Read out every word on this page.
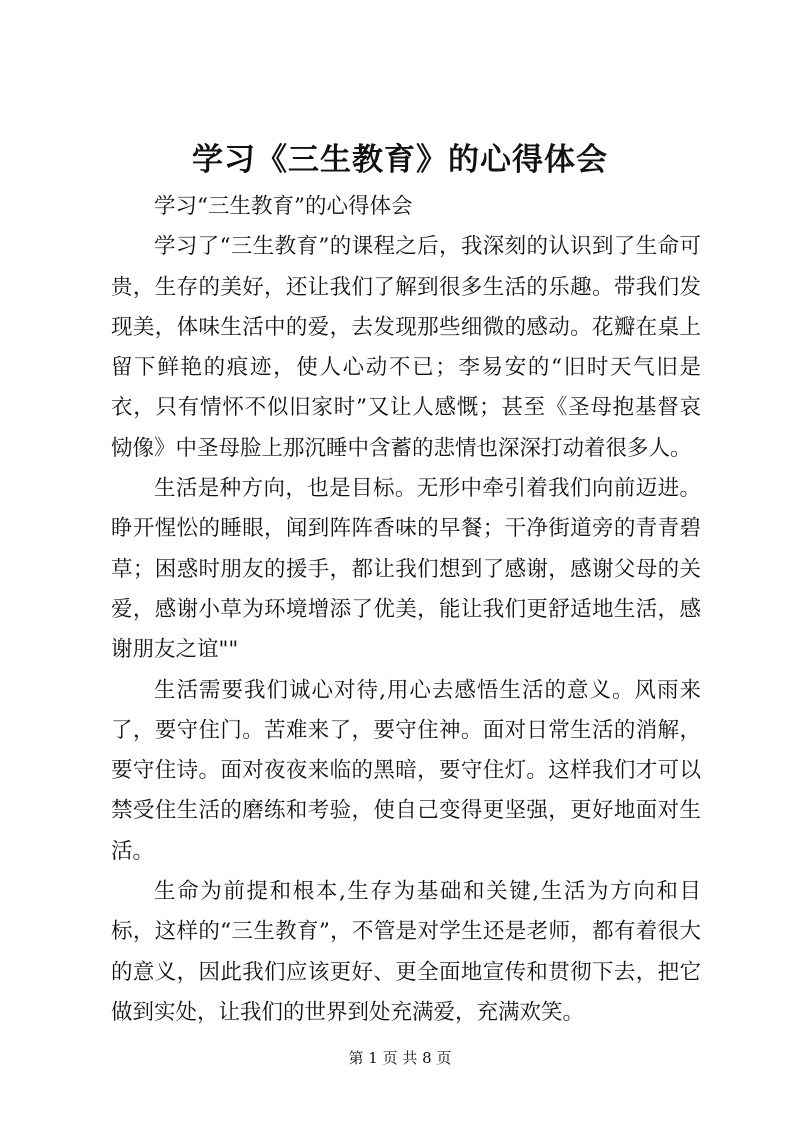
学习《三生教育》的心得体会

学习“三生教育”的心得体会

学习了“三生教育”的课程之后，我深刻的认识到了生命可贵，生存的美好，还让我们了解到很多生活的乐趣。带我们发现美，体味生活中的爱，去发现那些细微的感动。花瓣在桌上留下鲜艳的痕迹，使人心动不已；李易安的“旧时天气旧是衣，只有情怀不似旧家时”又让人感慨；甚至《圣母抱基督哀恸像》中圣母脸上那沉睡中含蓄的悲情也深深打动着很多人。

生活是种方向，也是目标。无形中牵引着我们向前迈进。睁开惺忪的睡眼，闻到阵阵香味的早餐；干净街道旁的青青碧草；困惑时朋友的援手，都让我们想到了感谢，感谢父母的关爱，感谢小草为环境增添了优美，能让我们更舒适地生活，感谢朋友之谊""

生活需要我们诚心对待,用心去感悟生活的意义。风雨来了，要守住门。苦难来了，要守住神。面对日常生活的消解，要守住诗。面对夜夜来临的黑暗，要守住灯。这样我们才可以禁受住生活的磨练和考验，使自己变得更坚强，更好地面对生活。

生命为前提和根本,生存为基础和关键,生活为方向和目标，这样的“三生教育”，不管是对学生还是老师，都有着很大的意义，因此我们应该更好、更全面地宣传和贯彻下去，把它做到实处，让我们的世界到处充满爱，充满欢笑。

第 1 页 共 8 页
